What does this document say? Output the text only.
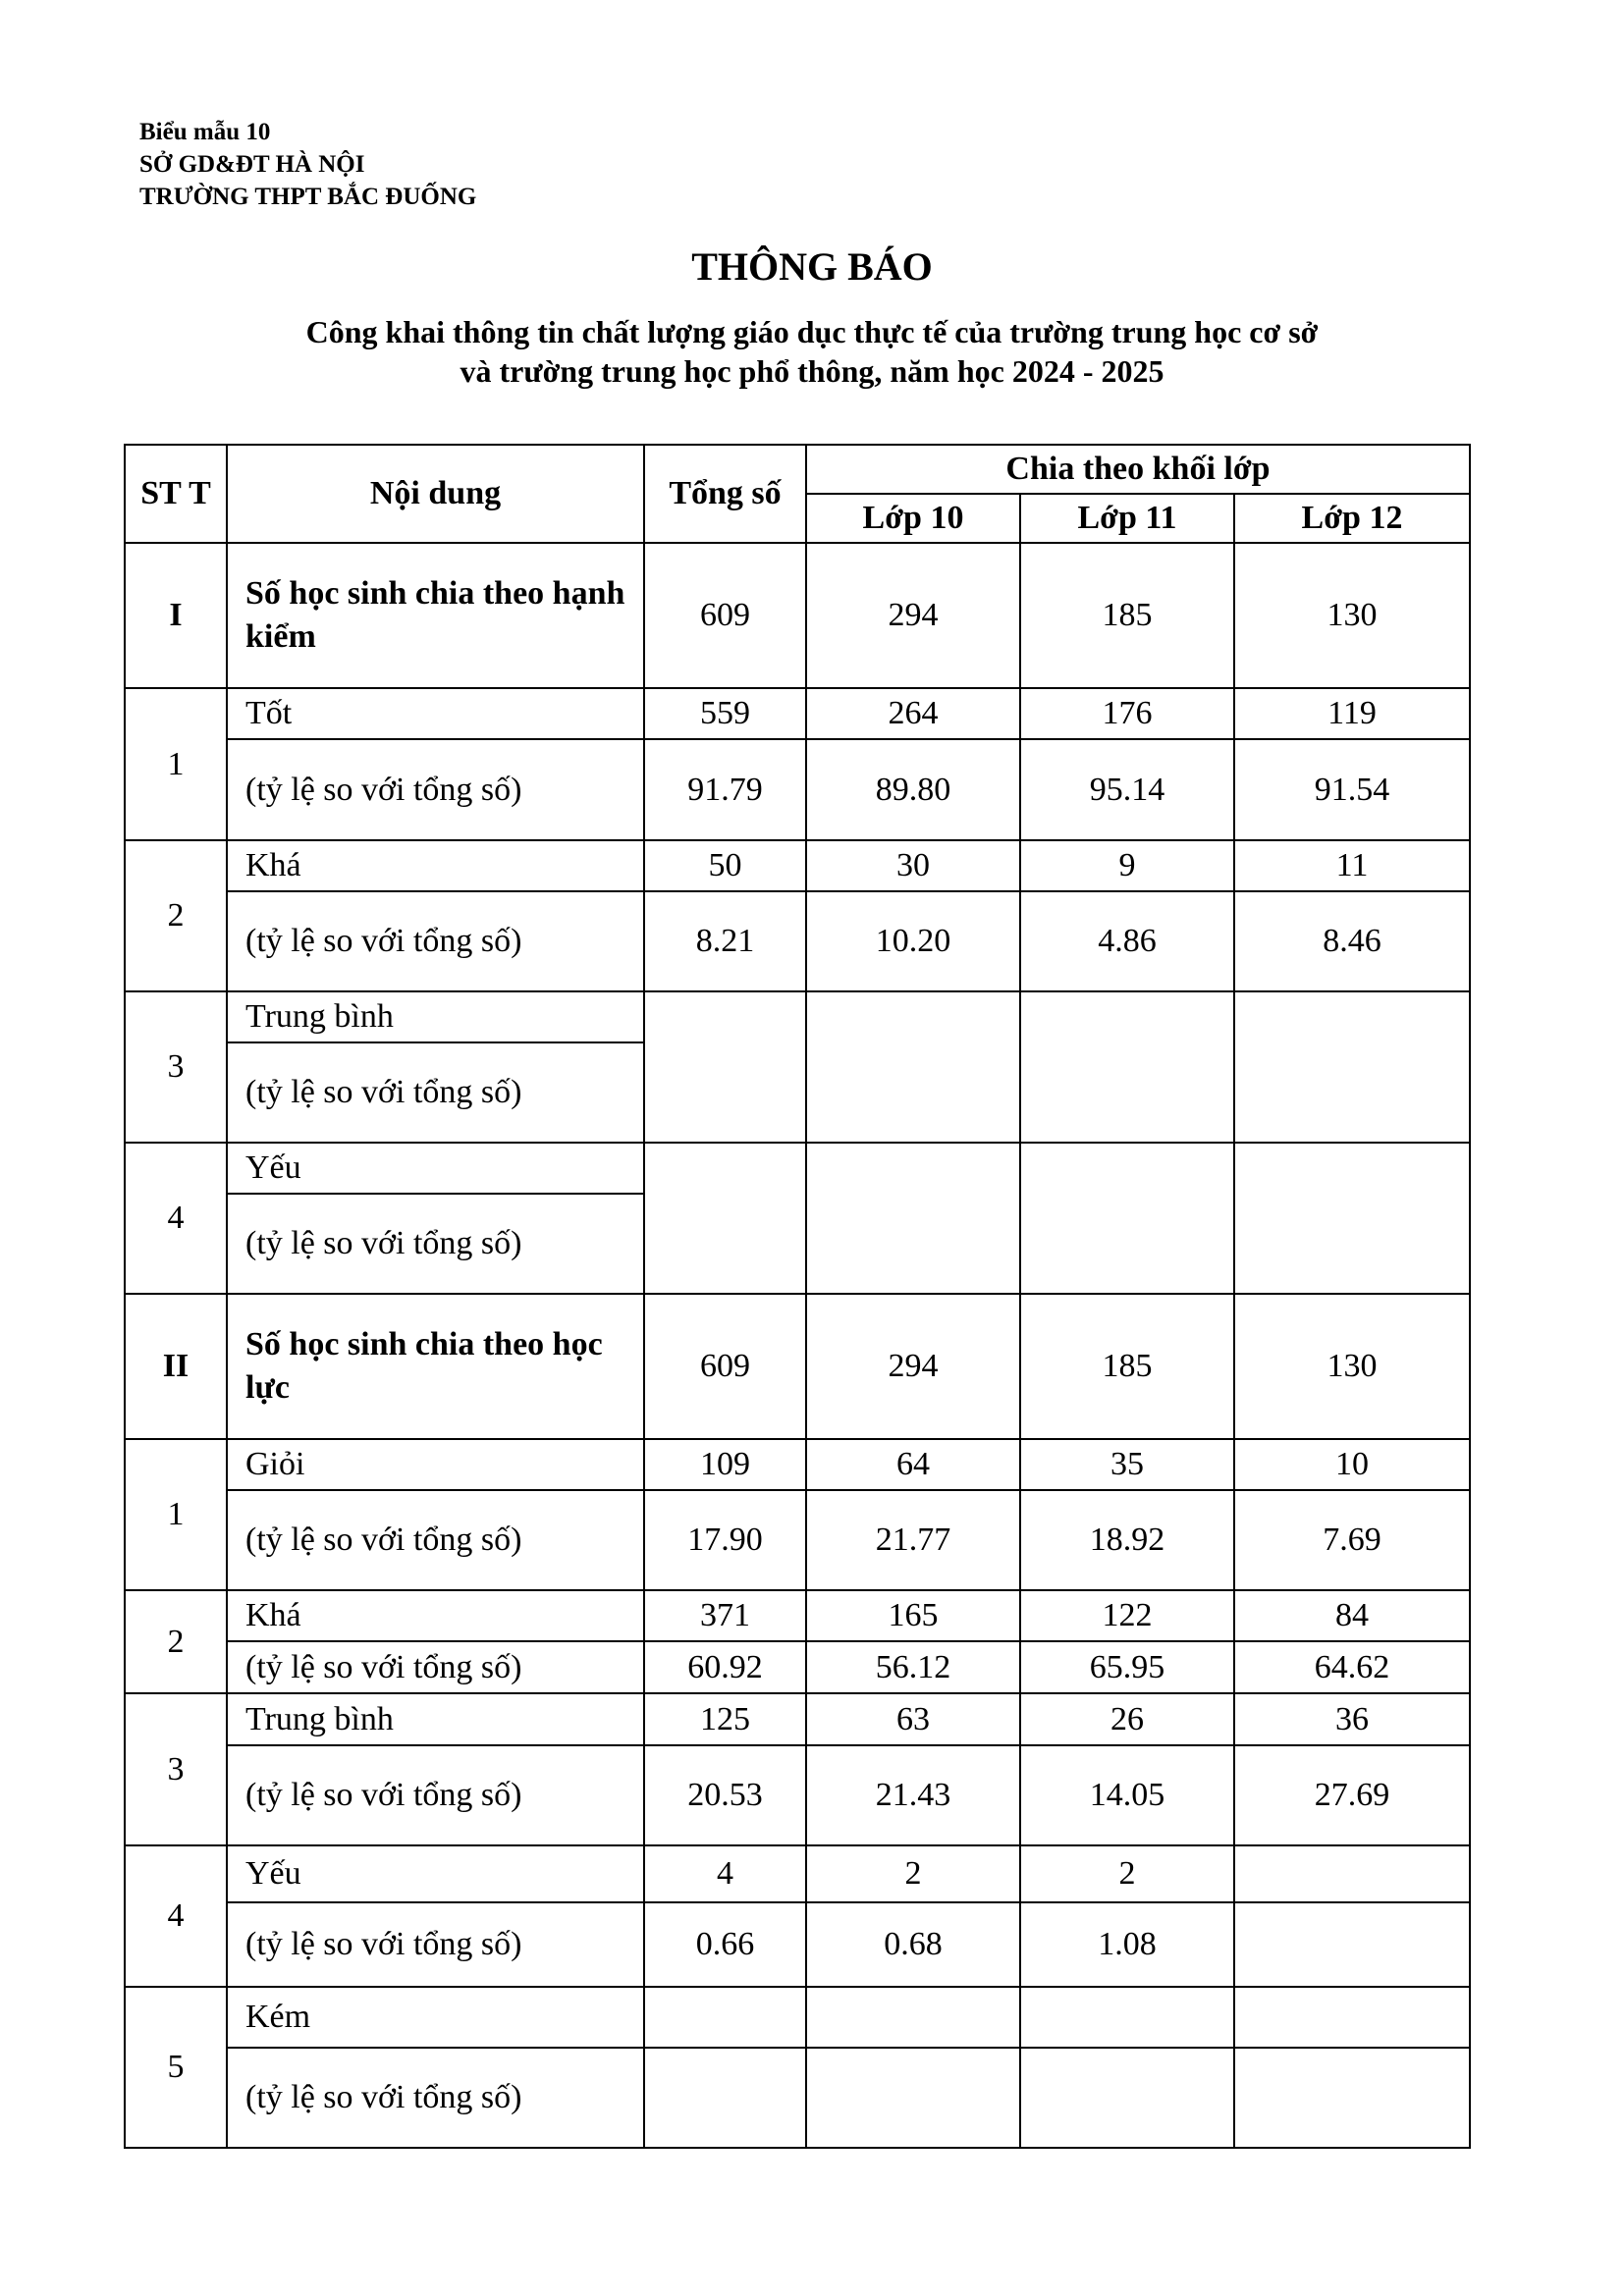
Biểu mẫu 10
SỞ GD&ĐT HÀ NỘI
TRƯỜNG THPT BẮC ĐUỐNG
THÔNG BÁO
Công khai thông tin chất lượng giáo dục thực tế của trường trung học cơ sở
và trường trung học phổ thông, năm học 2024 - 2025
ST T	Nội dung	Tổng số	Chia theo khối lớp		
			Lớp 10	Lớp 11	Lớp 12
I	Số học sinh chia theo hạnh kiểm	609	294	185	130
1	Tốt	559	264	176	119
	(tỷ lệ so với tổng số)	91.79	89.80	95.14	91.54
2	Khá	50	30	9	11
	(tỷ lệ so với tổng số)	8.21	10.20	4.86	8.46
3	Trung bình				
	(tỷ lệ so với tổng số)				
4	Yếu				
	(tỷ lệ so với tổng số)				
II	Số học sinh chia theo học lực	609	294	185	130
1	Giỏi	109	64	35	10
	(tỷ lệ so với tổng số)	17.90	21.77	18.92	7.69
2	Khá	371	165	122	84
	(tỷ lệ so với tổng số)	60.92	56.12	65.95	64.62
3	Trung bình	125	63	26	36
	(tỷ lệ so với tổng số)	20.53	21.43	14.05	27.69
4	Yếu	4	2	2	
	(tỷ lệ so với tổng số)	0.66	0.68	1.08	
5	Kém				
	(tỷ lệ so với tổng số)				
